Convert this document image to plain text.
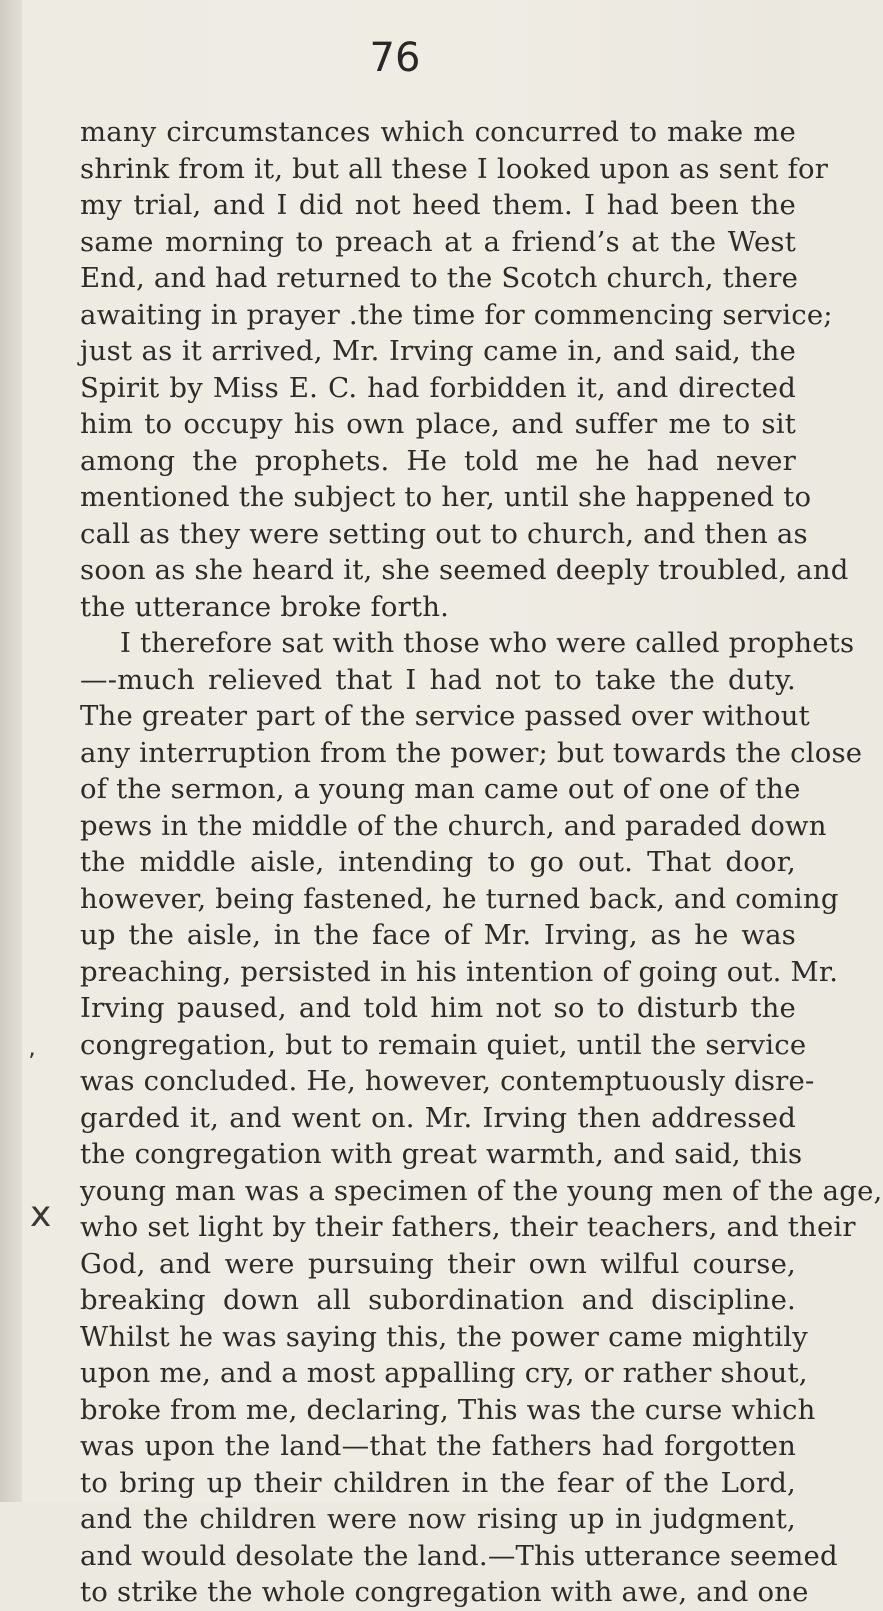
76
’
x
many circumstances which concurred to make me
shrink from it, but all these I looked upon as sent for
my trial, and I did not heed them. I had been the
same morning to preach at a friend’s at the West
End, and had returned to the Scotch church, there
awaiting in prayer .the time for commencing service;
just as it arrived, Mr. Irving came in, and said, the
Spirit by Miss E. C. had forbidden it, and directed
him to occupy his own place, and suffer me to sit
among the prophets. He told me he had never
mentioned the subject to her, until she happened to
call as they were setting out to church, and then as
soon as she heard it, she seemed deeply troubled, and
the utterance broke forth.
I therefore sat with those who were called prophets
—-much relieved that I had not to take the duty.
The greater part of the service passed over without
any interruption from the power; but towards the close
of the sermon, a young man came out of one of the
pews in the middle of the church, and paraded down
the middle aisle, intending to go out. That door,
however, being fastened, he turned back, and coming
up the aisle, in the face of Mr. Irving, as he was
preaching, persisted in his intention of going out. Mr.
Irving paused, and told him not so to disturb the
congregation, but to remain quiet, until the service
was concluded. He, however, contemptuously disre-
garded it, and went on. Mr. Irving then addressed
the congregation with great warmth, and said, this
young man was a specimen of the young men of the age,
who set light by their fathers, their teachers, and their
God, and were pursuing their own wilful course,
breaking down all subordination and discipline.
Whilst he was saying this, the power came mightily
upon me, and a most appalling cry, or rather shout,
broke from me, declaring, This was the curse which
was upon the land—that the fathers had forgotten
to bring up their children in the fear of the Lord,
and the children were now rising up in judgment,
and would desolate the land.—This utterance seemed
to strike the whole congregation with awe, and one
